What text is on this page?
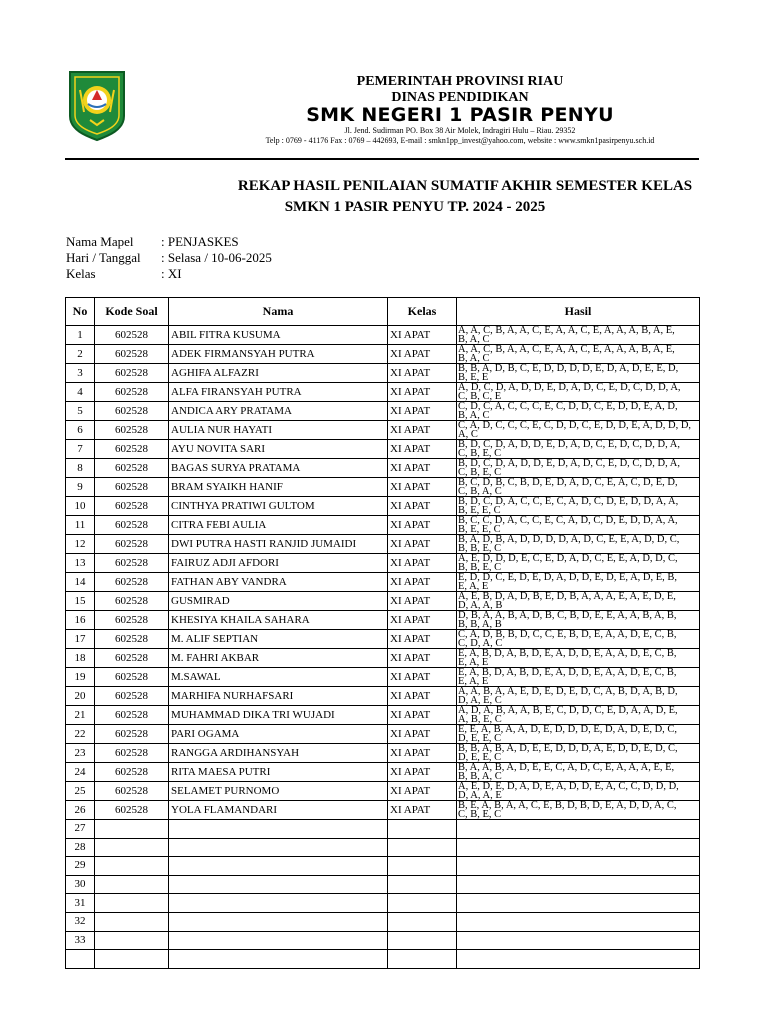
PEMERINTAH PROVINSI RIAU
DINAS PENDIDIKAN
SMK NEGERI 1 PASIR PENYU
Jl. Jend. Sudirman PO. Box 38 Air Molek, Indragiri Hulu – Riau. 29352
Telp : 0769 - 41176 Fax : 0769 – 442693, E-mail : smkn1pp_invest@yahoo.com, website : www.smkn1pasirpenyu.sch.id
REKAP HASIL PENILAIAN SUMATIF AKHIR SEMESTER KELAS
SMKN 1 PASIR PENYU TP. 2024 - 2025
Nama Mapel : PENJASKES
Hari / Tanggal : Selasa / 10-06-2025
Kelas	: XI
No	Kode Soal	Nama	Kelas	Hasil
1	602528	ABIL FITRA KUSUMA	XI APAT	A, A, C, B, A, A, C, E, A, A, C, E, A, A, A, B, A, E,
B, A, C

2	602528	ADEK FIRMANSYAH PUTRA	XI APAT	A, A, C, B, A, A, C, E, A, A, C, E, A, A, A, B, A, E,
B, A, C

3	602528	AGHIFA ALFAZRI	XI APAT	B, B, A, D, B, C, E, D, D, D, D, E, D, A, D, E, E, D,
B, E, E

4	602528	ALFA FIRANSYAH PUTRA	XI APAT	A, D, C, D, A, D, D, E, D, A, D, C, E, D, C, D, D, A,
C, B, C, E

5	602528	ANDICA ARY PRATAMA	XI APAT	C, D, C, A, C, C, C, E, C, D, D, C, E, D, D, E, A, D,
B, A, C

6	602528	AULIA NUR HAYATI	XI APAT	C, A, D, C, C, C, E, C, D, D, C, E, D, D, E, A, D, D, D,
A, C

7	602528	AYU NOVITA SARI	XI APAT	B, D, C, D, A, D, D, E, D, A, D, C, E, D, C, D, D, A,
C, B, E, C

8	602528	BAGAS SURYA PRATAMA	XI APAT	B, D, C, D, A, D, D, E, D, A, D, C, E, D, C, D, D, A,
C, B, E, C

9	602528	BRAM SYAIKH HANIF	XI APAT	B, C, D, B, C, B, D, E, D, A, D, C, E, A, C, D, E, D,
C, B, A, C

10	602528	CINTHYA PRATIWI GULTOM	XI APAT	B, D, C, D, A, C, C, E, C, A, D, C, D, E, D, D, A, A,
B, E, E, C

11	602528	CITRA FEBI AULIA	XI APAT	B, C, C, D, A, C, C, E, C, A, D, C, D, E, D, D, A, A,
B, E, E, C

12	602528	DWI PUTRA HASTI RANJID JUMAIDI	XI APAT	B, A, D, B, A, D, D, D, D, A, D, C, E, E, A, D, D, C,
B, B, E, C

13	602528	FAIRUZ ADJI AFDORI	XI APAT	A, E, D, D, D, E, C, E, D, A, D, C, E, E, A, D, D, C,
B, B, E, C

14	602528	FATHAN ABY VANDRA	XI APAT	E, D, D, C, E, D, E, D, A, D, D, E, D, E, A, D, E, B,
E, A, E

15	602528	GUSMIRAD	XI APAT	A, E, B, D, A, D, B, E, D, B, A, A, A, E, A, E, D, E,
D, A, A, B

16	602528	KHESIYA KHAILA SAHARA	XI APAT	D, B, A, A, B, A, D, B, C, B, D, E, E, A, A, B, A, B,
B, B, A, B

17	602528	M. ALIF SEPTIAN	XI APAT	C, A, D, B, B, D, C, C, E, B, D, E, A, A, D, E, C, B,
C, D, A, C

18	602528	M. FAHRI AKBAR	XI APAT	E, A, B, D, A, B, D, E, A, D, D, E, A, A, D, E, C, B,
E, A, E

19	602528	M.SAWAL	XI APAT	E, A, B, D, A, B, D, E, A, D, D, E, A, A, D, E, C, B,
E, A, E

20	602528	MARHIFA NURHAFSARI	XI APAT	A, A, B, A, A, E, D, E, D, E, D, C, A, B, D, A, B, D,
D, A, E, C

21	602528	MUHAMMAD DIKA TRI WUJADI	XI APAT	A, D, A, B, A, A, B, E, C, D, D, C, E, D, A, A, D, E,
A, B, E, C

22	602528	PARI OGAMA	XI APAT	E, E, A, B, A, A, D, E, D, D, D, E, D, A, D, E, D, C,
D, E, E, C

23	602528	RANGGA ARDIHANSYAH	XI APAT	B, B, A, B, A, D, E, E, D, D, D, A, E, D, D, E, D, C,
D, E, E, C

24	602528	RITA MAESA PUTRI	XI APAT	B, A, A, B, A, D, E, E, C, A, D, C, E, A, A, A, E, E,
B, B, A, C

25	602528	SELAMET PURNOMO	XI APAT	A, E, D, E, D, A, D, E, A, D, D, E, A, C, C, D, D, D,
D, A, A, E

26	602528	YOLA FLAMANDARI	XI APAT	B, E, A, B, A, A, C, E, B, D, B, D, E, A, D, D, A, C,
C, B, E, C

27				

28				

29				

30				

31				

32				

33				
